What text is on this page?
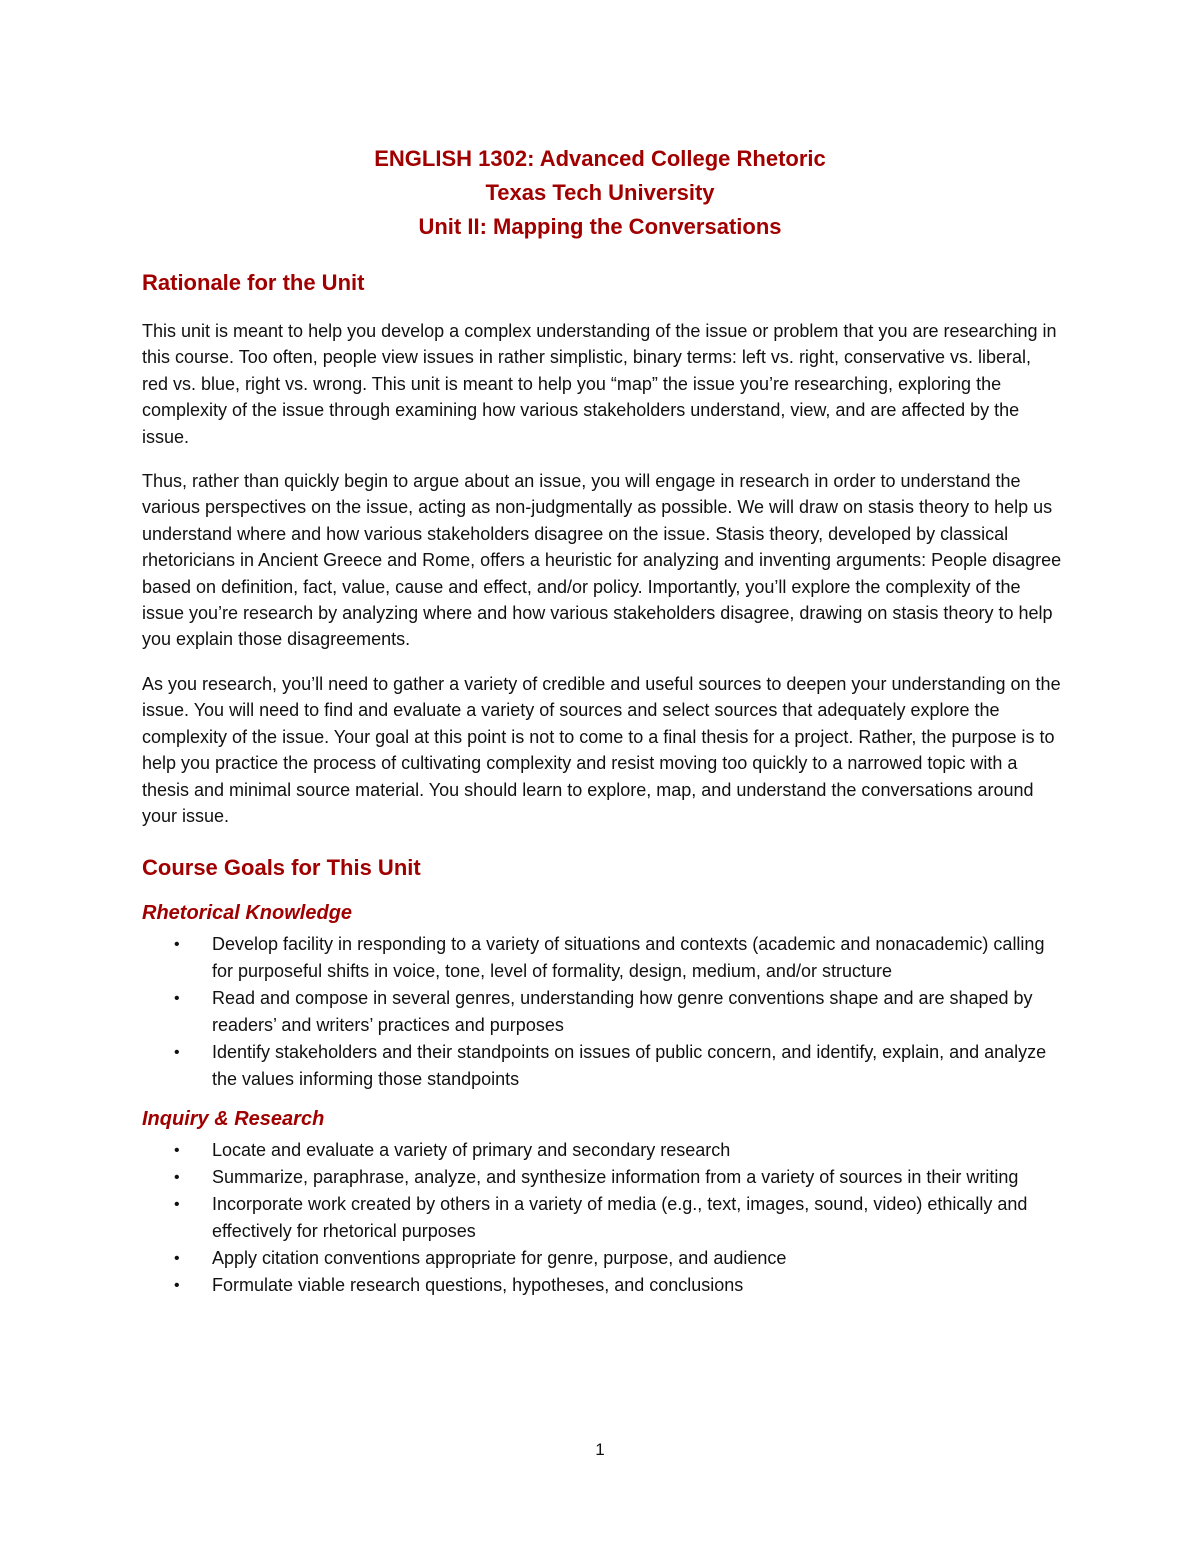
ENGLISH 1302: Advanced College Rhetoric
Texas Tech University
Unit II: Mapping the Conversations
Rationale for the Unit

This unit is meant to help you develop a complex understanding of the issue or problem that you are researching in this course. Too often, people view issues in rather simplistic, binary terms: left vs. right, conservative vs. liberal, red vs. blue, right vs. wrong. This unit is meant to help you “map” the issue you’re researching, exploring the complexity of the issue through examining how various stakeholders understand, view, and are affected by the issue.

Thus, rather than quickly begin to argue about an issue, you will engage in research in order to understand the various perspectives on the issue, acting as non-judgmentally as possible. We will draw on stasis theory to help us understand where and how various stakeholders disagree on the issue. Stasis theory, developed by classical rhetoricians in Ancient Greece and Rome, offers a heuristic for analyzing and inventing arguments: People disagree based on definition, fact, value, cause and effect, and/or policy. Importantly, you’ll explore the complexity of the issue you’re research by analyzing where and how various stakeholders disagree, drawing on stasis theory to help you explain those disagreements.

As you research, you’ll need to gather a variety of credible and useful sources to deepen your understanding on the issue. You will need to find and evaluate a variety of sources and select sources that adequately explore the complexity of the issue. Your goal at this point is not to come to a final thesis for a project. Rather, the purpose is to help you practice the process of cultivating complexity and resist moving too quickly to a narrowed topic with a thesis and minimal source material. You should learn to explore, map, and understand the conversations around your issue.

Course Goals for This Unit
Rhetorical Knowledge
• Develop facility in responding to a variety of situations and contexts (academic and nonacademic) calling for purposeful shifts in voice, tone, level of formality, design, medium, and/or structure
• Read and compose in several genres, understanding how genre conventions shape and are shaped by readers’ and writers’ practices and purposes
• Identify stakeholders and their standpoints on issues of public concern, and identify, explain, and analyze the values informing those standpoints
Inquiry & Research
• Locate and evaluate a variety of primary and secondary research
• Summarize, paraphrase, analyze, and synthesize information from a variety of sources in their writing
• Incorporate work created by others in a variety of media (e.g., text, images, sound, video) ethically and effectively for rhetorical purposes
• Apply citation conventions appropriate for genre, purpose, and audience
• Formulate viable research questions, hypotheses, and conclusions
1
